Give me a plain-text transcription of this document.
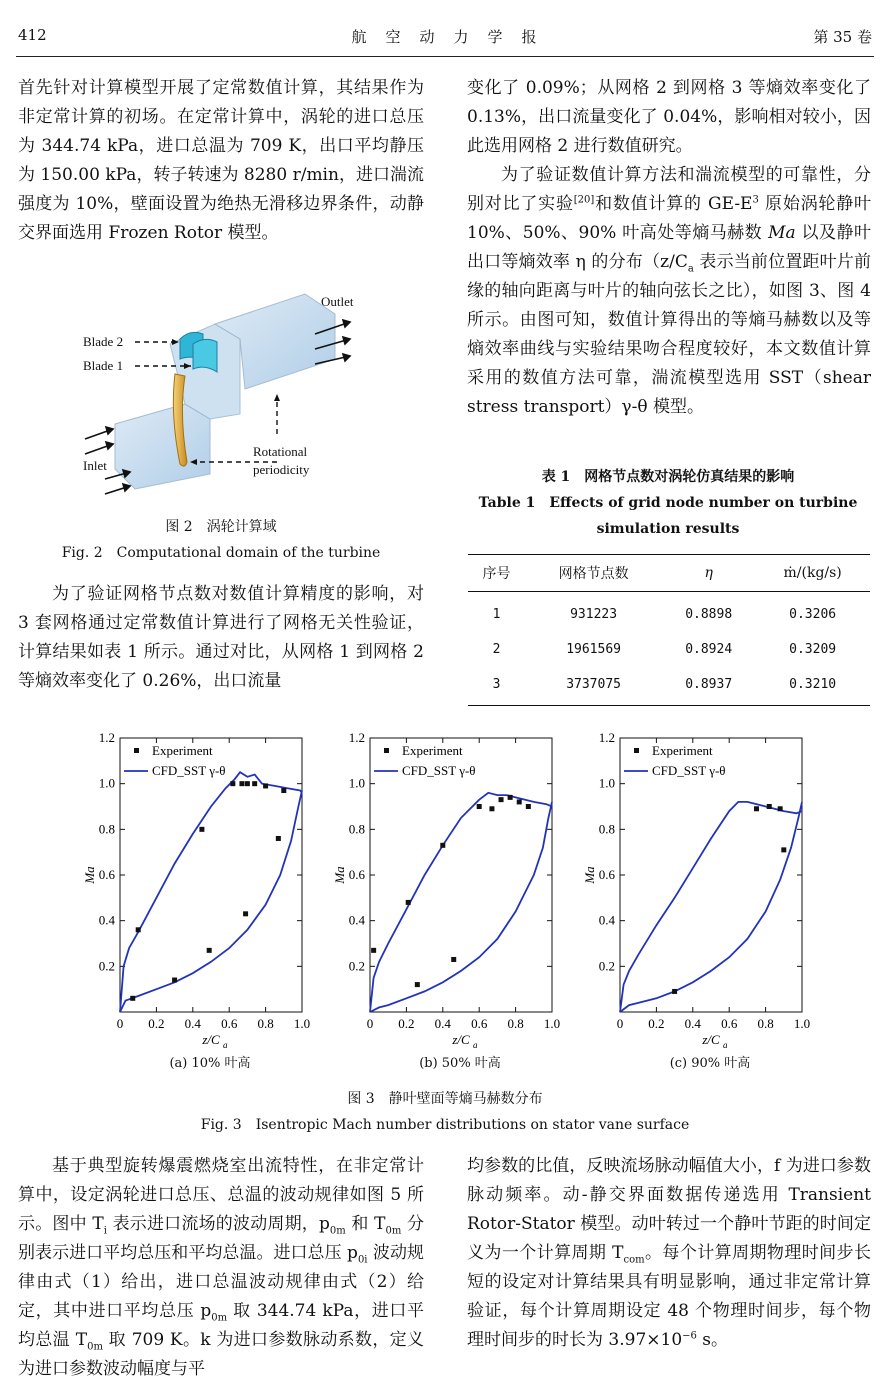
412	航　空　动　力　学　报	第 35 卷

首先针对计算模型开展了定常数值计算，其结果作为非定常计算的初场。在定常计算中，涡轮的进口总压为 344.74 kPa，进口总温为 709 K，出口平均静压为 150.00 kPa，转子转速为 8280 r/min，进口湍流强度为 10%，壁面设置为绝热无滑移边界条件，动静交界面选用 Frozen Rotor 模型。

Blade 2
Blade 1
Outlet
Inlet
Rotational
periodicity
图 2　涡轮计算域
Fig. 2　Computational domain of the turbine

为了验证网格节点数对数值计算精度的影响，对 3 套网格通过定常数值计算进行了网格无关性验证，计算结果如表 1 所示。通过对比，从网格 1 到网格 2 等熵效率变化了 0.26%，出口流量

变化了 0.09%；从网格 2 到网格 3 等熵效率变化了 0.13%，出口流量变化了 0.04%，影响相对较小，因此选用网格 2 进行数值研究。

为了验证数值计算方法和湍流模型的可靠性，分别对比了实验[20]和数值计算的 $GE-E^3$ 原始涡轮静叶 10%、50%、90% 叶高处等熵马赫数 Ma 以及静叶出口等熵效率 η 的分布（$z/C_a$ 表示当前位置距叶片前缘的轴向距离与叶片的轴向弦长之比），如图 3、图 4 所示。由图可知，数值计算得出的等熵马赫数以及等熵效率曲线与实验结果吻合程度较好，本文数值计算采用的数值方法可靠，湍流模型选用 SST（shear stress transport）γ-θ 模型。

表 1　网格节点数对涡轮仿真结果的影响
Table 1　Effects of grid node number on turbine
simulation results
序号	网格节点数	η	ṁ/(kg/s)
1	931223	0.8898	0.3206
2	1961569	0.8924	0.3209
3	3737075	0.8937	0.3210
0 0.2 0.4 0.6 0.8 1.0
0.2
0.4
0.6
0.8
1.0
1.2
Ma
z/C a
Experiment
CFD_SST γ-θ
0 0.2 0.4 0.6 0.8 1.0
0.2
0.4
0.6
0.8
1.0
1.2
Ma
z/C a
Experiment
CFD_SST γ-θ
0 0.2 0.4 0.6 0.8 1.0
0.2
0.4
0.6
0.8
1.0
1.2
Ma
z/C a
Experiment
CFD_SST γ-θ
(a) 10% 叶高	(b) 50% 叶高	(c) 90% 叶高
图 3　静叶壁面等熵马赫数分布
Fig. 3　Isentropic Mach number distributions on stator vane surface

基于典型旋转爆震燃烧室出流特性，在非定常计算中，设定涡轮进口总压、总温的波动规律如图 5 所示。图中 $T_i$ 表示进口流场的波动周期，$p_{0m}$ 和 $T_{0m}$ 分别表示进口平均总压和平均总温。进口总压 $p_{0i}$ 波动规律由式（1）给出，进口总温波动规律由式（2）给定，其中进口平均总压 $p_{0m}$ 取 344.74 kPa，进口平均总温 $T_{0m}$ 取 709 K。k 为进口参数脉动系数，定义为进口参数波动幅度与平

均参数的比值，反映流场脉动幅值大小，f 为进口参数脉动频率。动-静交界面数据传递选用 Transient Rotor-Stator 模型。动叶转过一个静叶节距的时间定义为一个计算周期 $T_{com}$。每个计算周期物理时间步长短的设定对计算结果具有明显影响，通过非定常计算验证，每个计算周期设定 48 个物理时间步，每个物理时间步的时长为 $3.97\times 10^{-6}$ s。
